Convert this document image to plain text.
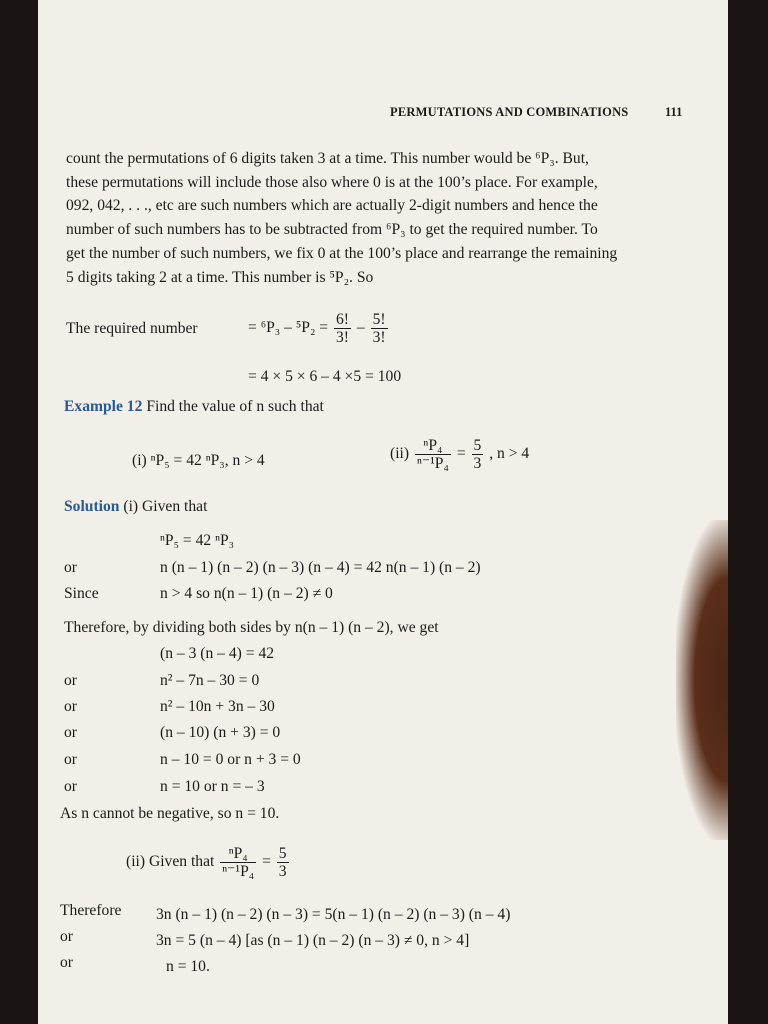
PERMUTATIONS AND COMBINATIONS	111
count the permutations of 6 digits taken 3 at a time. This number would be ⁶P₃. But,
these permutations will include those also where 0 is at the 100’s place. For example,
092, 042, . . ., etc are such numbers which are actually 2-digit numbers and hence the
number of such numbers has to be subtracted from ⁶P₃ to get the required number. To
get the number of such numbers, we fix 0 at the 100’s place and rearrange the remaining
5 digits taking 2 at a time. This number is ⁵P₂. So
The required number	= $^6P_3 - ^5P_2 = \frac{6!}{3!} - \frac{5!}{3!}$
= 4 × 5 × 6 – 4 ×5 = 100
Example 12 Find the value of n such that
(i) ⁿP₅ = 42 ⁿP₃, n > 4	$(ii) \frac{\text{ⁿP₄}}{\text{ⁿ⁻¹P₄}} = \frac{5}{3}$ , n > 4
Solution (i) Given that
ⁿP₅ = 42 ⁿP₃
or	n (n – 1) (n – 2) (n – 3) (n – 4) = 42 n(n – 1) (n – 2)
Since	n > 4 so n(n – 1) (n – 2) ≠ 0
Therefore, by dividing both sides by n(n – 1) (n – 2), we get
(n – 3 (n – 4) = 42
or	n² – 7n – 30 = 0
or	n² – 10n + 3n – 30
or	(n – 10) (n + 3) = 0
or	n – 10 = 0 or n + 3 = 0
or	n = 10 or n = – 3
As n cannot be negative, so n = 10.
(ii) Given that $\frac{\text{ⁿP₄}}{\text{ⁿ⁻¹P₄}} = \frac{5}{3}$
Therefore 3n (n – 1) (n – 2) (n – 3) = 5(n – 1) (n – 2) (n – 3) (n – 4)
or	3n = 5 (n – 4) [as (n – 1) (n – 2) (n – 3) ≠ 0, n > 4]
or	n = 10.
